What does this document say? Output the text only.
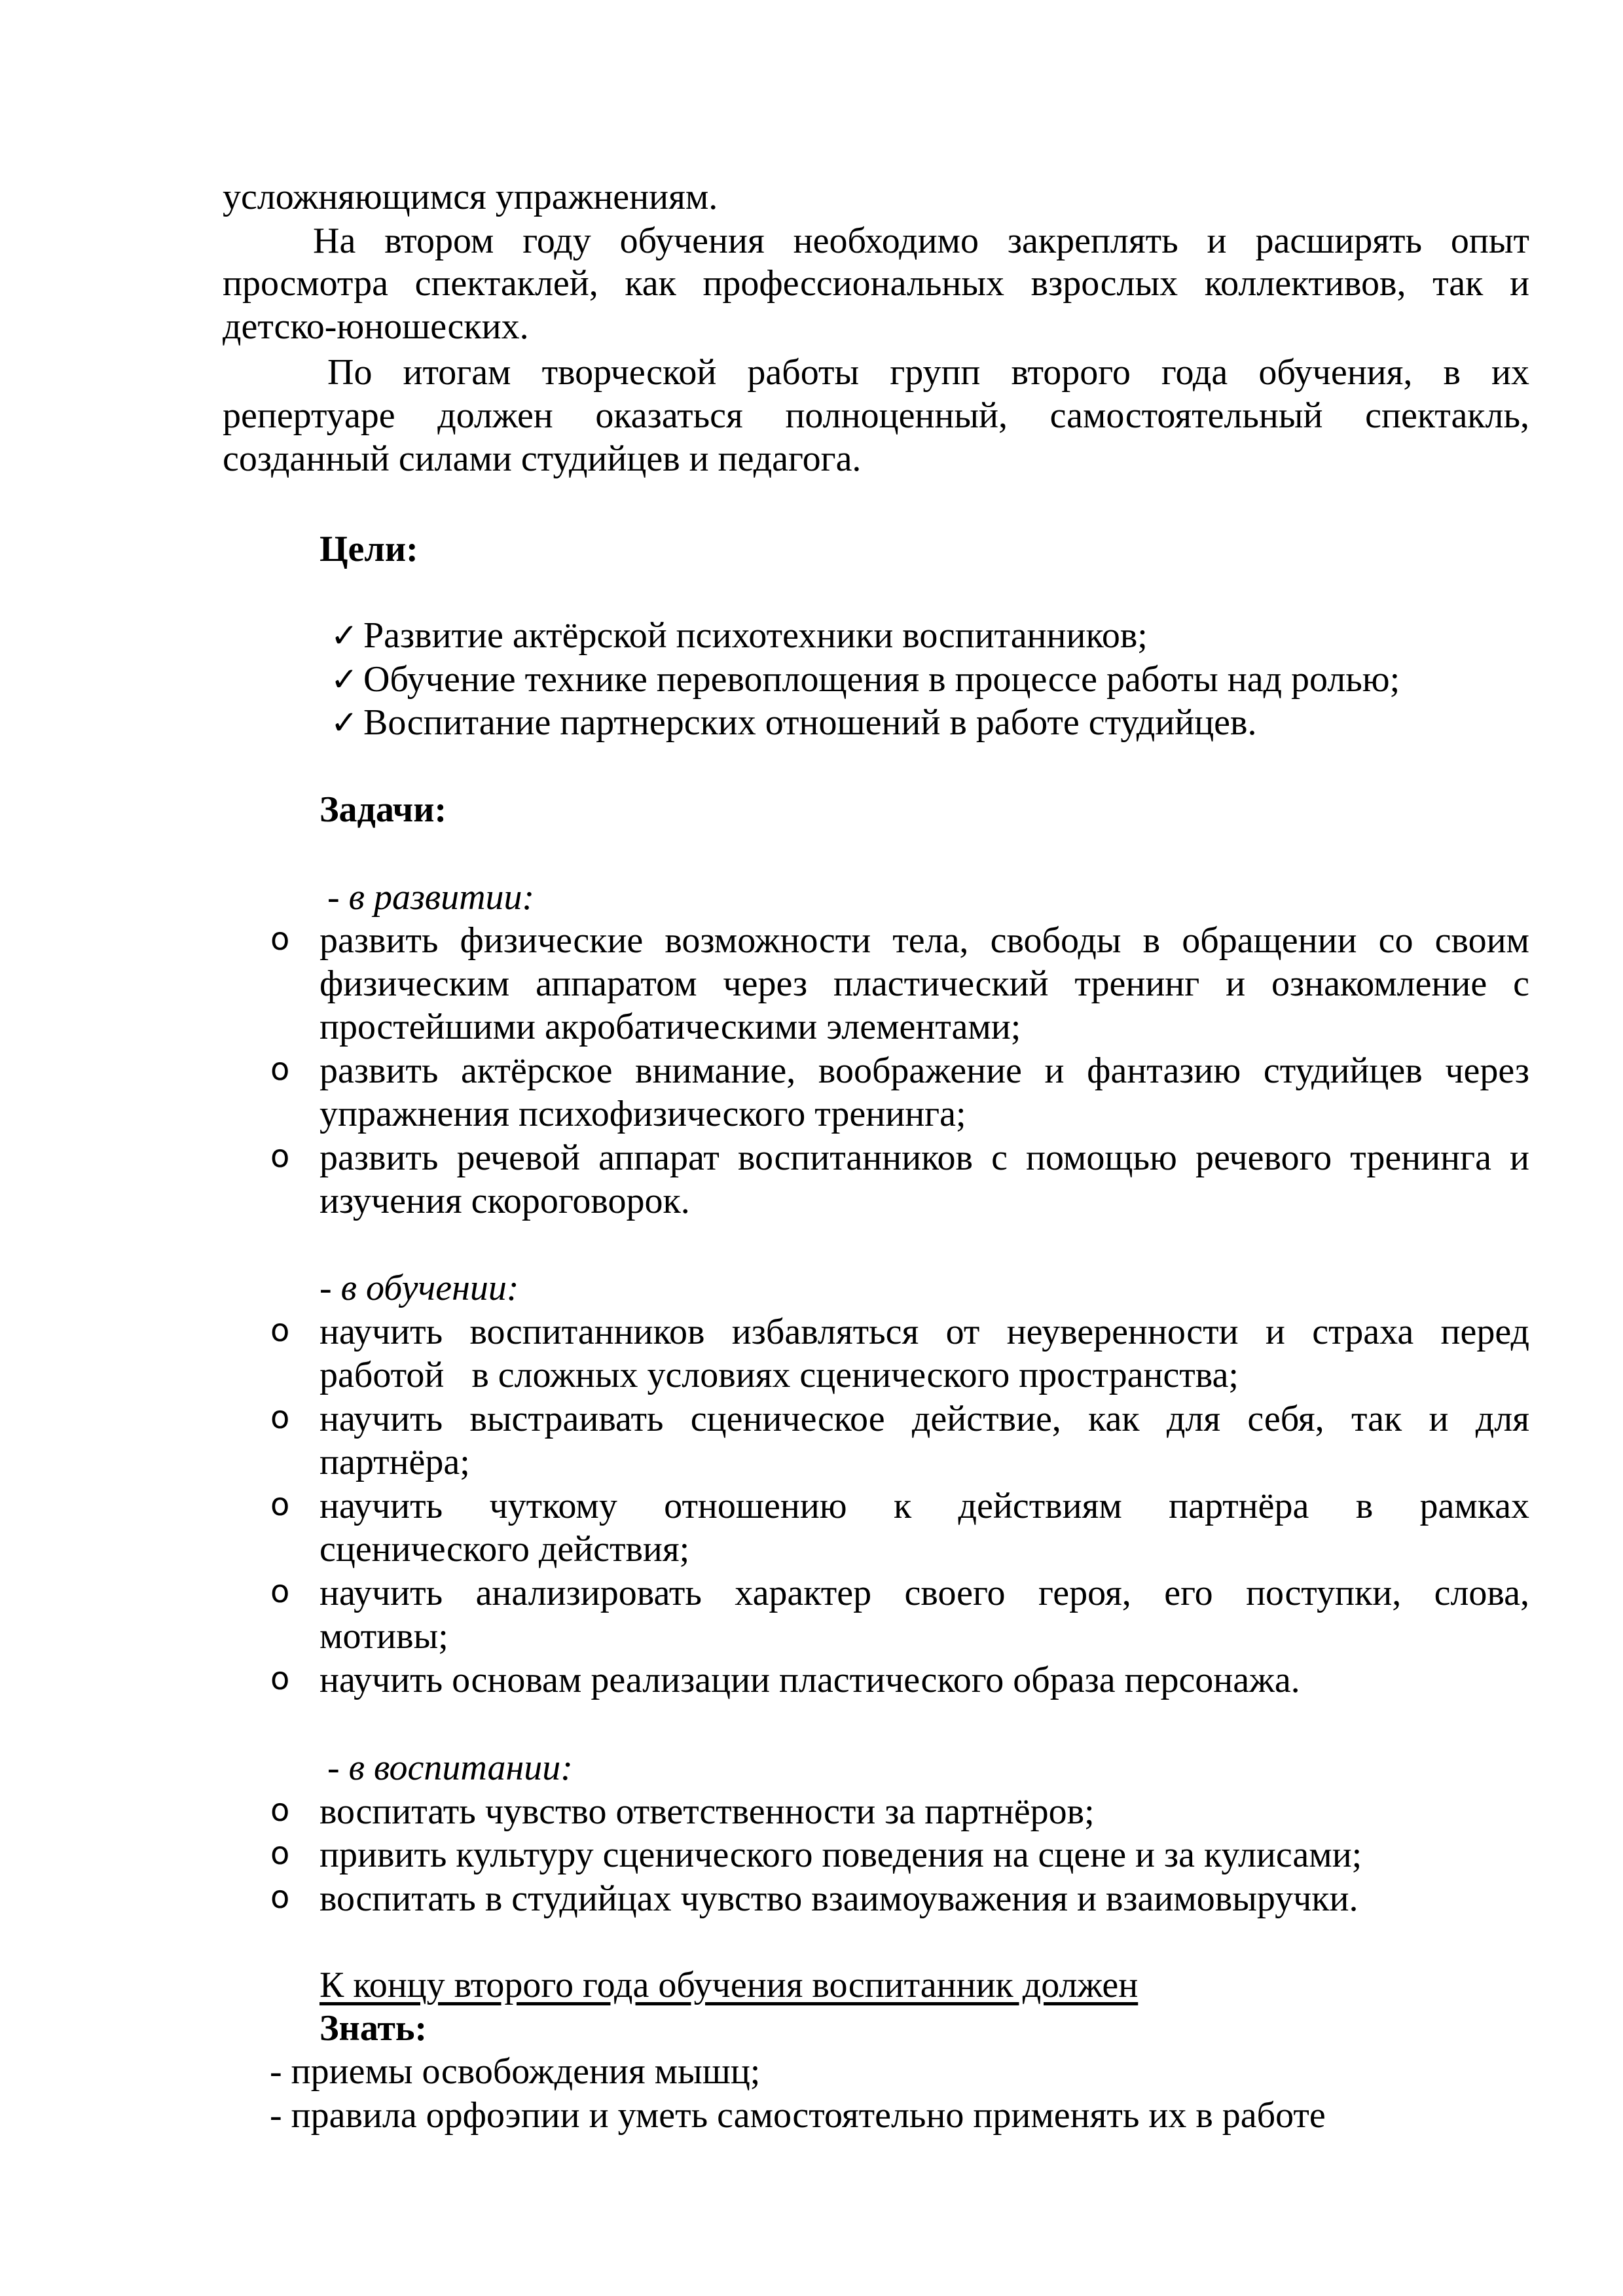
усложняющимся упражнениям.
На втором году обучения необходимо закреплять и расширять опыт
просмотра спектаклей, как профессиональных взрослых коллективов, так и
детско-юношеских.
По итогам творческой работы групп второго года обучения, в их
репертуаре должен оказаться полноценный, самостоятельный спектакль,
созданный силами студийцев и педагога.
Цели:
✓ Развитие актёрской психотехники воспитанников;
✓ Обучение технике перевоплощения в процессе работы над ролью;
✓ Воспитание партнерских отношений в работе студийцев.
Задачи:
- в развитии:
o развить физические возможности тела, свободы в обращении со своим
физическим аппаратом через пластический тренинг и ознакомление с
простейшими акробатическими элементами;
o развить актёрское внимание, воображение и фантазию студийцев через
упражнения психофизического тренинга;
o развить речевой аппарат воспитанников с помощью речевого тренинга и
изучения скороговорок.
- в обучении:
o научить воспитанников избавляться от неуверенности и страха перед
работой   в сложных условиях сценического пространства;
o научить выстраивать сценическое действие, как для себя, так и для
партнёра;
o научить чуткому отношению к действиям партнёра в рамках
сценического действия;
o научить анализировать характер своего героя, его поступки, слова,
мотивы;
o научить основам реализации пластического образа персонажа.
- в воспитании:
o воспитать чувство ответственности за партнёров;
o привить культуру сценического поведения на сцене и за кулисами;
o воспитать в студийцах чувство взаимоуважения и взаимовыручки.
К концу второго года обучения воспитанник должен
Знать:
- приемы освобождения мышц;
- правила орфоэпии и уметь самостоятельно применять их в работе
